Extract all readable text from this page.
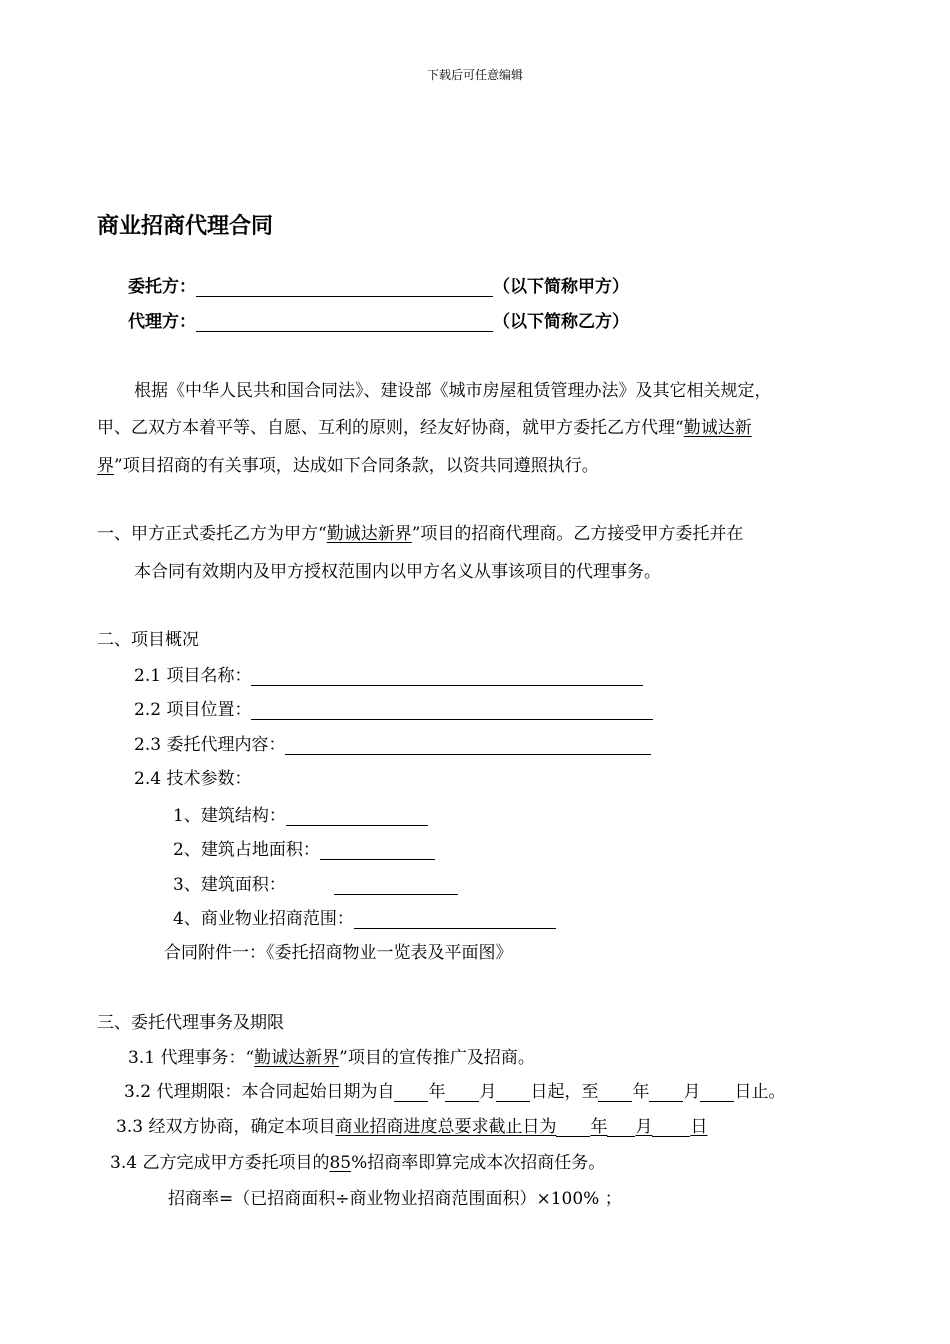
下载后可任意编辑
商业招商代理合同
委托方：	（以下简称甲方）
代理方：	（以下简称乙方）
根据《中华人民共和国合同法》、建设部《城市房屋租赁管理办法》及其它相关规定，
甲、乙双方本着平等、自愿、互利的原则，经友好协商，就甲方委托乙方代理“勤诚达新
界”项目招商的有关事项，达成如下合同条款，以资共同遵照执行。
一、甲方正式委托乙方为甲方“勤诚达新界”项目的招商代理商。乙方接受甲方委托并在
本合同有效期内及甲方授权范围内以甲方名义从事该项目的代理事务。
二、项目概况
2.1 项目名称：
2.2 项目位置：
2.3 委托代理内容：
2.4 技术参数：
1、建筑结构：
2、建筑占地面积：
3、建筑面积：
4、商业物业招商范围：
合同附件一：《委托招商物业一览表及平面图》
三、委托代理事务及期限
3.1 代理事务：“勤诚达新界”项目的宣传推广及招商。
3.2 代理期限：本合同起始日期为自 年 月 日起，至 年 月 日止。
3.3 经双方协商，确定本项目商业招商进度总要求截止日为 年 月 日
3.4 乙方完成甲方委托项目的85%招商率即算完成本次招商任务。
招商率=（已招商面积÷商业物业招商范围面积）×100% ；
